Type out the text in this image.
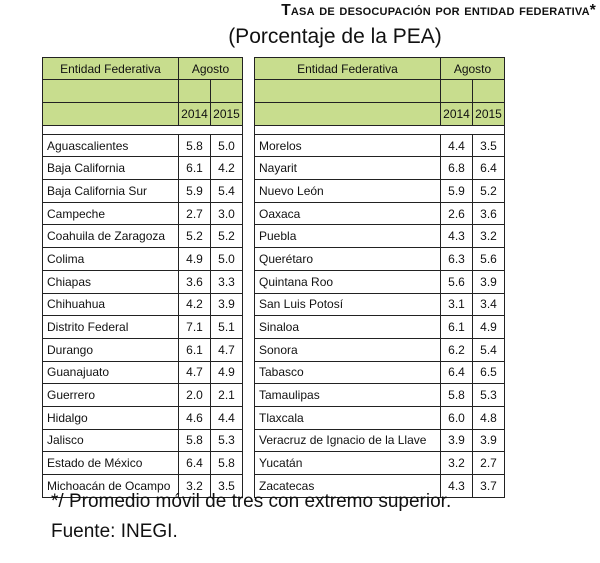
Tasa de desocupación por entidad federativa*
(Porcentaje de la PEA)
Entidad Federativa	Agosto	

	2014	2015

Aguascalientes	5.8	5.0
Baja California	6.1	4.2
Baja California Sur	5.9	5.4
Campeche	2.7	3.0
Coahuila de Zaragoza	5.2	5.2
Colima	4.9	5.0
Chiapas	3.6	3.3
Chihuahua	4.2	3.9
Distrito Federal	7.1	5.1
Durango	6.1	4.7
Guanajuato	4.7	4.9
Guerrero	2.0	2.1
Hidalgo	4.6	4.4
Jalisco	5.8	5.3
Estado de México	6.4	5.8
Michoacán de Ocampo	3.2	3.5
Entidad Federativa	Agosto	

	2014	2015

Morelos	4.4	3.5
Nayarit	6.8	6.4
Nuevo León	5.9	5.2
Oaxaca	2.6	3.6
Puebla	4.3	3.2
Querétaro	6.3	5.6
Quintana Roo	5.6	3.9
San Luis Potosí	3.1	3.4
Sinaloa	6.1	4.9
Sonora	6.2	5.4
Tabasco	6.4	6.5
Tamaulipas	5.8	5.3
Tlaxcala	6.0	4.8
Veracruz de Ignacio de la Llave	3.9	3.9
Yucatán	3.2	2.7
Zacatecas	4.3	3.7
*/ Promedio móvil de tres con extremo superior.
Fuente: INEGI.
